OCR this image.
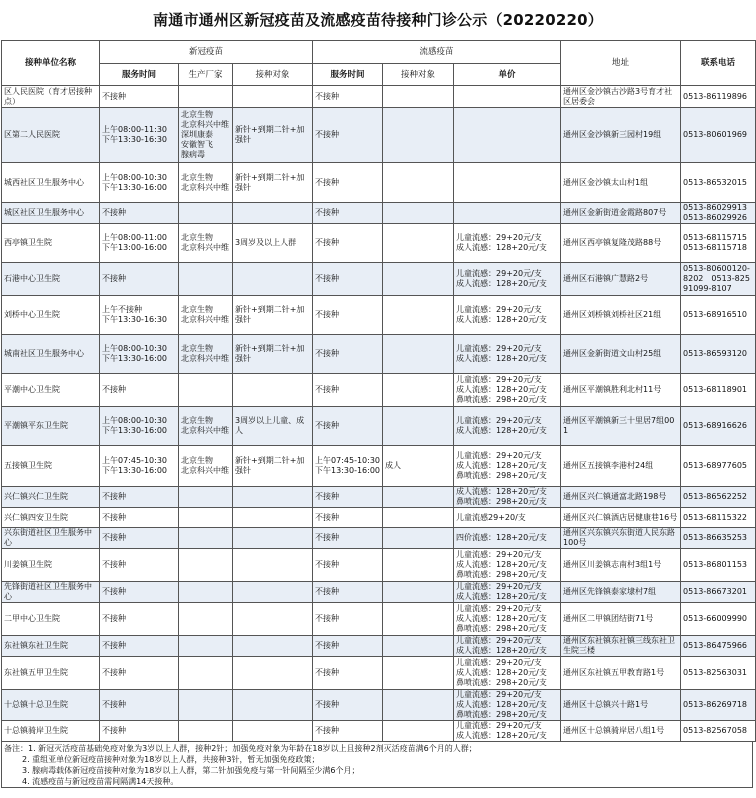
南通市通州区新冠疫苗及流感疫苗待接种门诊公示（20220220）
接种单位名称	新冠疫苗			流感疫苗			地址	联系电话
	服务时间	生产厂家	接种对象	服务时间	接种对象	单价		
区人民医院（育才居接种点）	不接种			不接种			通州区金沙镇古沙路3号育才社区居委会	0513-86119896
区第二人民医院	上午08:00-11:30
下午13:30-16:30	北京生物
北京科兴中维深圳康泰
安徽智飞
腺病毒	新针+到期二针+加强针	不接种			通州区金沙镇新三园村19组	0513-80601969
城西社区卫生服务中心	上午08:00-10:30
下午13:30-16:00	北京生物
北京科兴中维	新针+到期二针+加强针	不接种			通州区金沙镇太山村1组	0513-86532015
城区社区卫生服务中心	不接种			不接种			通州区金新街道金霞路807号	0513-86029913
0513-86029926
西亭镇卫生院	上午08:00-11:00
下午13:00-16:00	北京生物
北京科兴中维	3周岁及以上人群	不接种		儿童流感：29+20元/支
成人流感：128+20元/支	通州区西亭镇复隆茂路88号	0513-68115715
0513-68115718
石港中心卫生院	不接种			不接种		儿童流感：29+20元/支
成人流感：128+20元/支	通州区石港镇广慧路2号	0513-80600120-8202　0513-82591099-8107
刘桥中心卫生院	上午不接种
下午13:30-16:30	北京生物
北京科兴中维	新针+到期二针+加强针	不接种		儿童流感：29+20元/支
成人流感：128+20元/支	通州区刘桥镇刘桥社区21组	0513-68916510
城南社区卫生服务中心	上午08:00-10:30
下午13:30-16:00	北京生物
北京科兴中维	新针+到期二针+加强针	不接种		儿童流感：29+20元/支
成人流感：128+20元/支	通州区金新街道文山村25组	0513-86593120
平潮中心卫生院	不接种			不接种		儿童流感：29+20元/支
成人流感：128+20元/支
鼻喷流感：298+20元/支	通州区平潮镇胜利北村11号	0513-68118901
平潮镇平东卫生院	上午08:00-10:30
下午13:30-16:00	北京生物
北京科兴中维	3周岁以上儿童、成人	不接种		儿童流感：29+20元/支
成人流感：128+20元/支	通州区平潮镇新三十里居7组001	0513-68916626
五接镇卫生院	上午07:45-10:30
下午13:30-16:00	北京生物
北京科兴中维	新针+到期二针+加强针	上午07:45-10:30下午13:30-16:00	成人	儿童流感：29+20元/支
成人流感：128+20元/支
鼻喷流感：298+20元/支	通州区五接镇李港村24组	0513-68977605
兴仁镇兴仁卫生院	不接种			不接种		成人流感：128+20元/支
鼻喷流感：298+20元/支	通州区兴仁镇通富北路198号	0513-86562252
兴仁镇四安卫生院	不接种			不接种		儿童流感29+20/支	通州区兴仁镇酒店居健康巷16号	0513-68115322
兴东街道社区卫生服务中心	不接种			不接种		四价流感：128+20元/支	通州区兴东镇兴东街道人民东路100号	0513-86635253
川姜镇卫生院	不接种			不接种		儿童流感：29+20元/支
成人流感：128+20元/支
鼻喷流感：298+20元/支	通州区川姜镇志南村3组1号	0513-86801153
先锋街道社区卫生服务中心	不接种			不接种		儿童流感：29+20元/支
成人流感：128+20元/支	通州区先锋镇泰家埭村7组	0513-86673201
二甲中心卫生院	不接种			不接种		儿童流感：29+20元/支
成人流感：128+20元/支
鼻喷流感：298+20元/支	通州区二甲镇团结街71号	0513-66009990
东社镇东社卫生院	不接种			不接种		儿童流感：29+20元/支
成人流感：128+20元/支	通州区东社镇东社镇三线东社卫生院三楼	0513-86475966
东社镇五甲卫生院	不接种			不接种		儿童流感：29+20元/支
成人流感：128+20元/支
鼻喷流感：298+20元/支	通州区东社镇五甲教育路1号	0513-82563031
十总镇十总卫生院	不接种			不接种		儿童流感：29+20元/支
成人流感：128+20元/支
鼻喷流感：298+20元/支	通州区十总镇兴十路1号	0513-86269718
十总镇骑岸卫生院	不接种			不接种		儿童流感：29+20元/支
成人流感：128+20元/支	通州区十总镇骑岸居八组1号	0513-82567058
备注：1. 新冠灭活疫苗基础免疫对象为3岁以上人群，接种2针；加强免疫对象为年龄在18岁以上且接种2剂灭活疫苗满6个月的人群；
2. 重组亚单位新冠疫苗接种对象为18岁以上人群，共接种3针，暂无加强免疫政策；
3. 腺病毒载体新冠疫苗接种对象为18岁以上人群，第二针加强免疫与第一针间隔至少满6个月；
4. 流感疫苗与新冠疫苗需间隔满14天接种。
